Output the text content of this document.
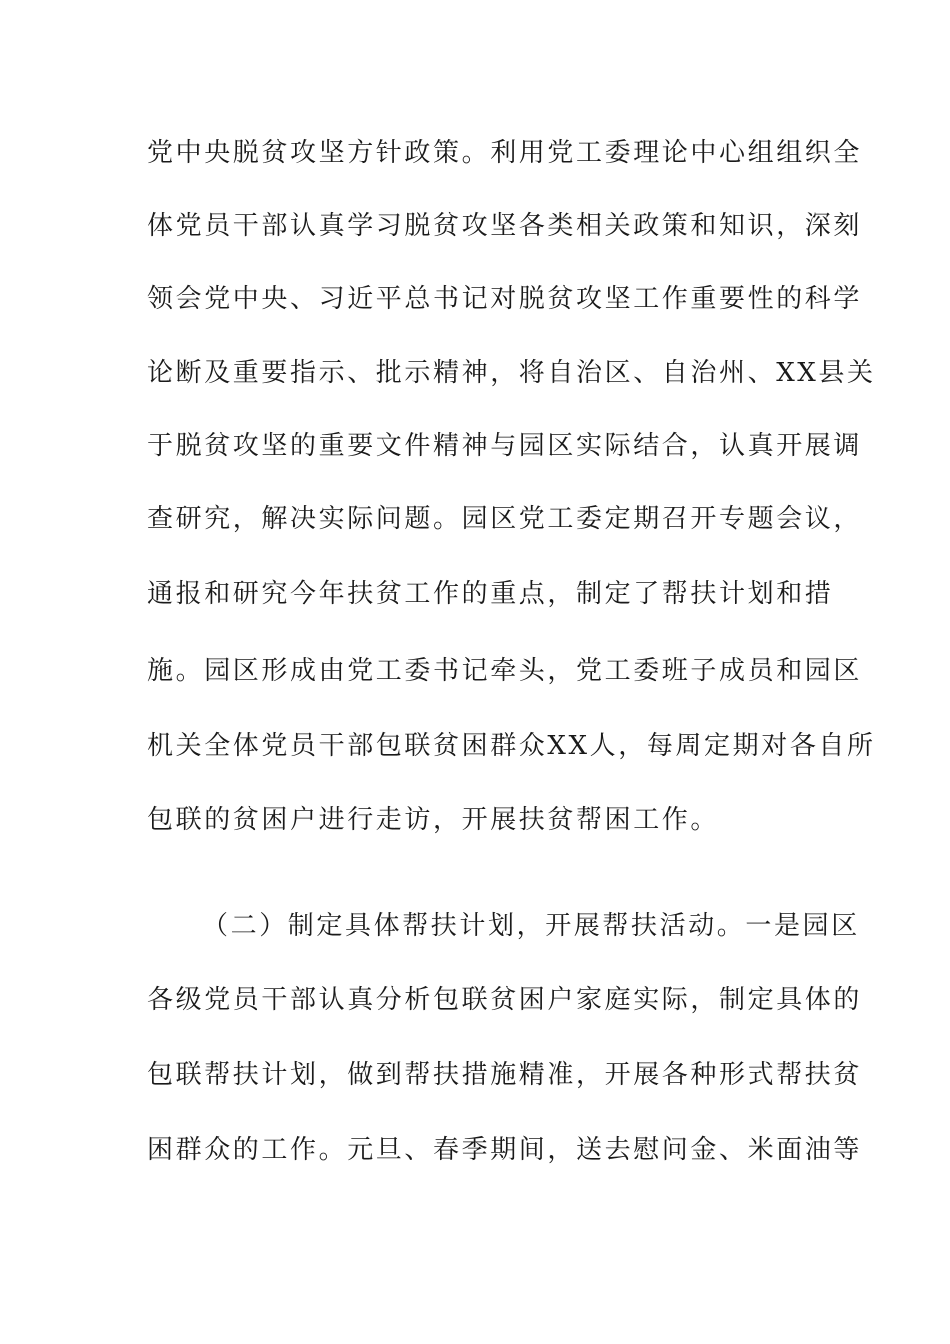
党中央脱贫攻坚方针政策。利用党工委理论中心组组织全
体党员干部认真学习脱贫攻坚各类相关政策和知识，深刻
领会党中央、习近平总书记对脱贫攻坚工作重要性的科学
论断及重要指示、批示精神，将自治区、自治州、XX县关
于脱贫攻坚的重要文件精神与园区实际结合，认真开展调
查研究，解决实际问题。园区党工委定期召开专题会议，
通报和研究今年扶贫工作的重点，制定了帮扶计划和措
施。园区形成由党工委书记牵头，党工委班子成员和园区
机关全体党员干部包联贫困群众XX人，每周定期对各自所
包联的贫困户进行走访，开展扶贫帮困工作。
（二）制定具体帮扶计划，开展帮扶活动。一是园区
各级党员干部认真分析包联贫困户家庭实际，制定具体的
包联帮扶计划，做到帮扶措施精准，开展各种形式帮扶贫
困群众的工作。元旦、春季期间，送去慰问金、米面油等
